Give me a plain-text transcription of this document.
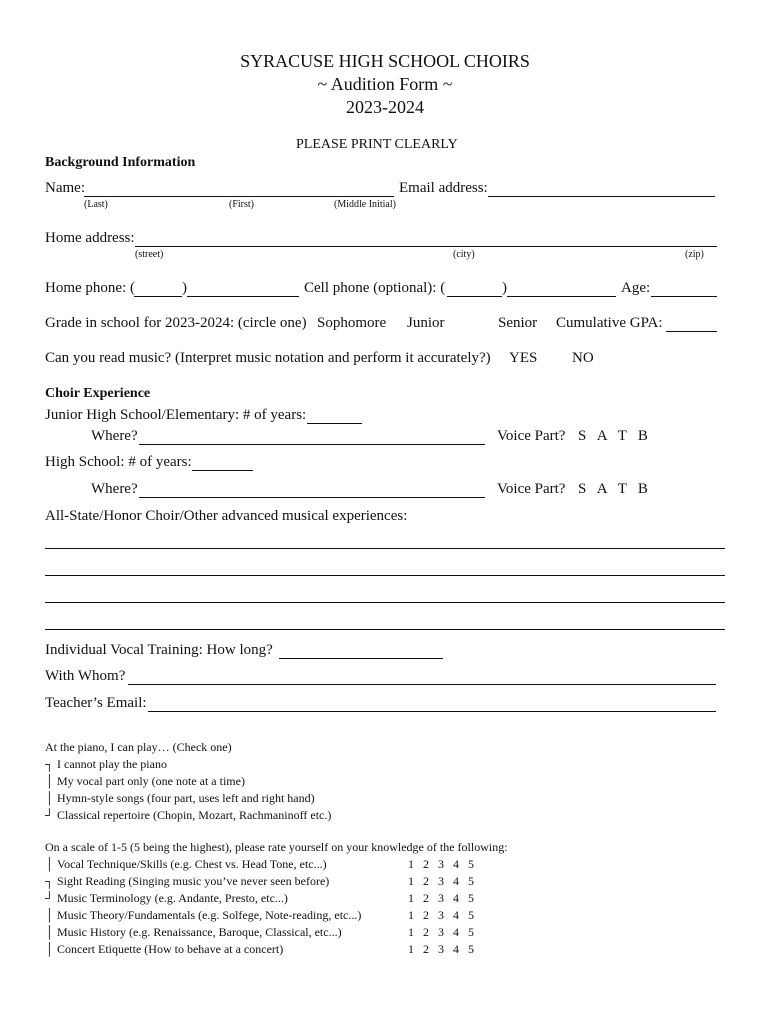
SYRACUSE HIGH SCHOOL CHOIRS
~ Audition Form ~
2023-2024
PLEASE PRINT CLEARLY
Background Information
Name:	Email address:
(Last)	(First)	(Middle Initial)
Home address:
(street)	(city)	(zip)
Home phone: (	)	Cell phone (optional): (	)	Age:
Grade in school for 2023-2024: (circle one) Sophomore Junior	Senior Cumulative GPA:
Can you read music? (Interpret music notation and perform it accurately?) YES NO
Choir Experience
Junior High School/Elementary: # of years:
Where?	Voice Part? S   A   T   B
High School: # of years:
Where?	Voice Part? S   A   T   B
All-State/Honor Choir/Other advanced musical experiences:
Individual Vocal Training: How long?
With Whom?
Teacher’s Email:
At the piano, I can play… (Check one)
┐ I cannot play the piano
│ My vocal part only (one note at a time)
│ Hymn-style songs (four part, uses left and right hand)
┘ Classical repertoire (Chopin, Mozart, Rachmaninoff etc.)
On a scale of 1-5 (5 being the highest), please rate yourself on your knowledge of the following:
│ Vocal Technique/Skills (e.g. Chest vs. Head Tone, etc...)	1   2   3   4   5
┐ Sight Reading (Singing music you’ve never seen before)	1   2   3   4   5
┘ Music Terminology (e.g. Andante, Presto, etc...)	1   2   3   4   5
│ Music Theory/Fundamentals (e.g. Solfege, Note-reading, etc...)	1   2   3   4   5
│ Music History (e.g. Renaissance, Baroque, Classical, etc...)	1   2   3   4   5
│ Concert Etiquette (How to behave at a concert)	1   2   3   4   5
